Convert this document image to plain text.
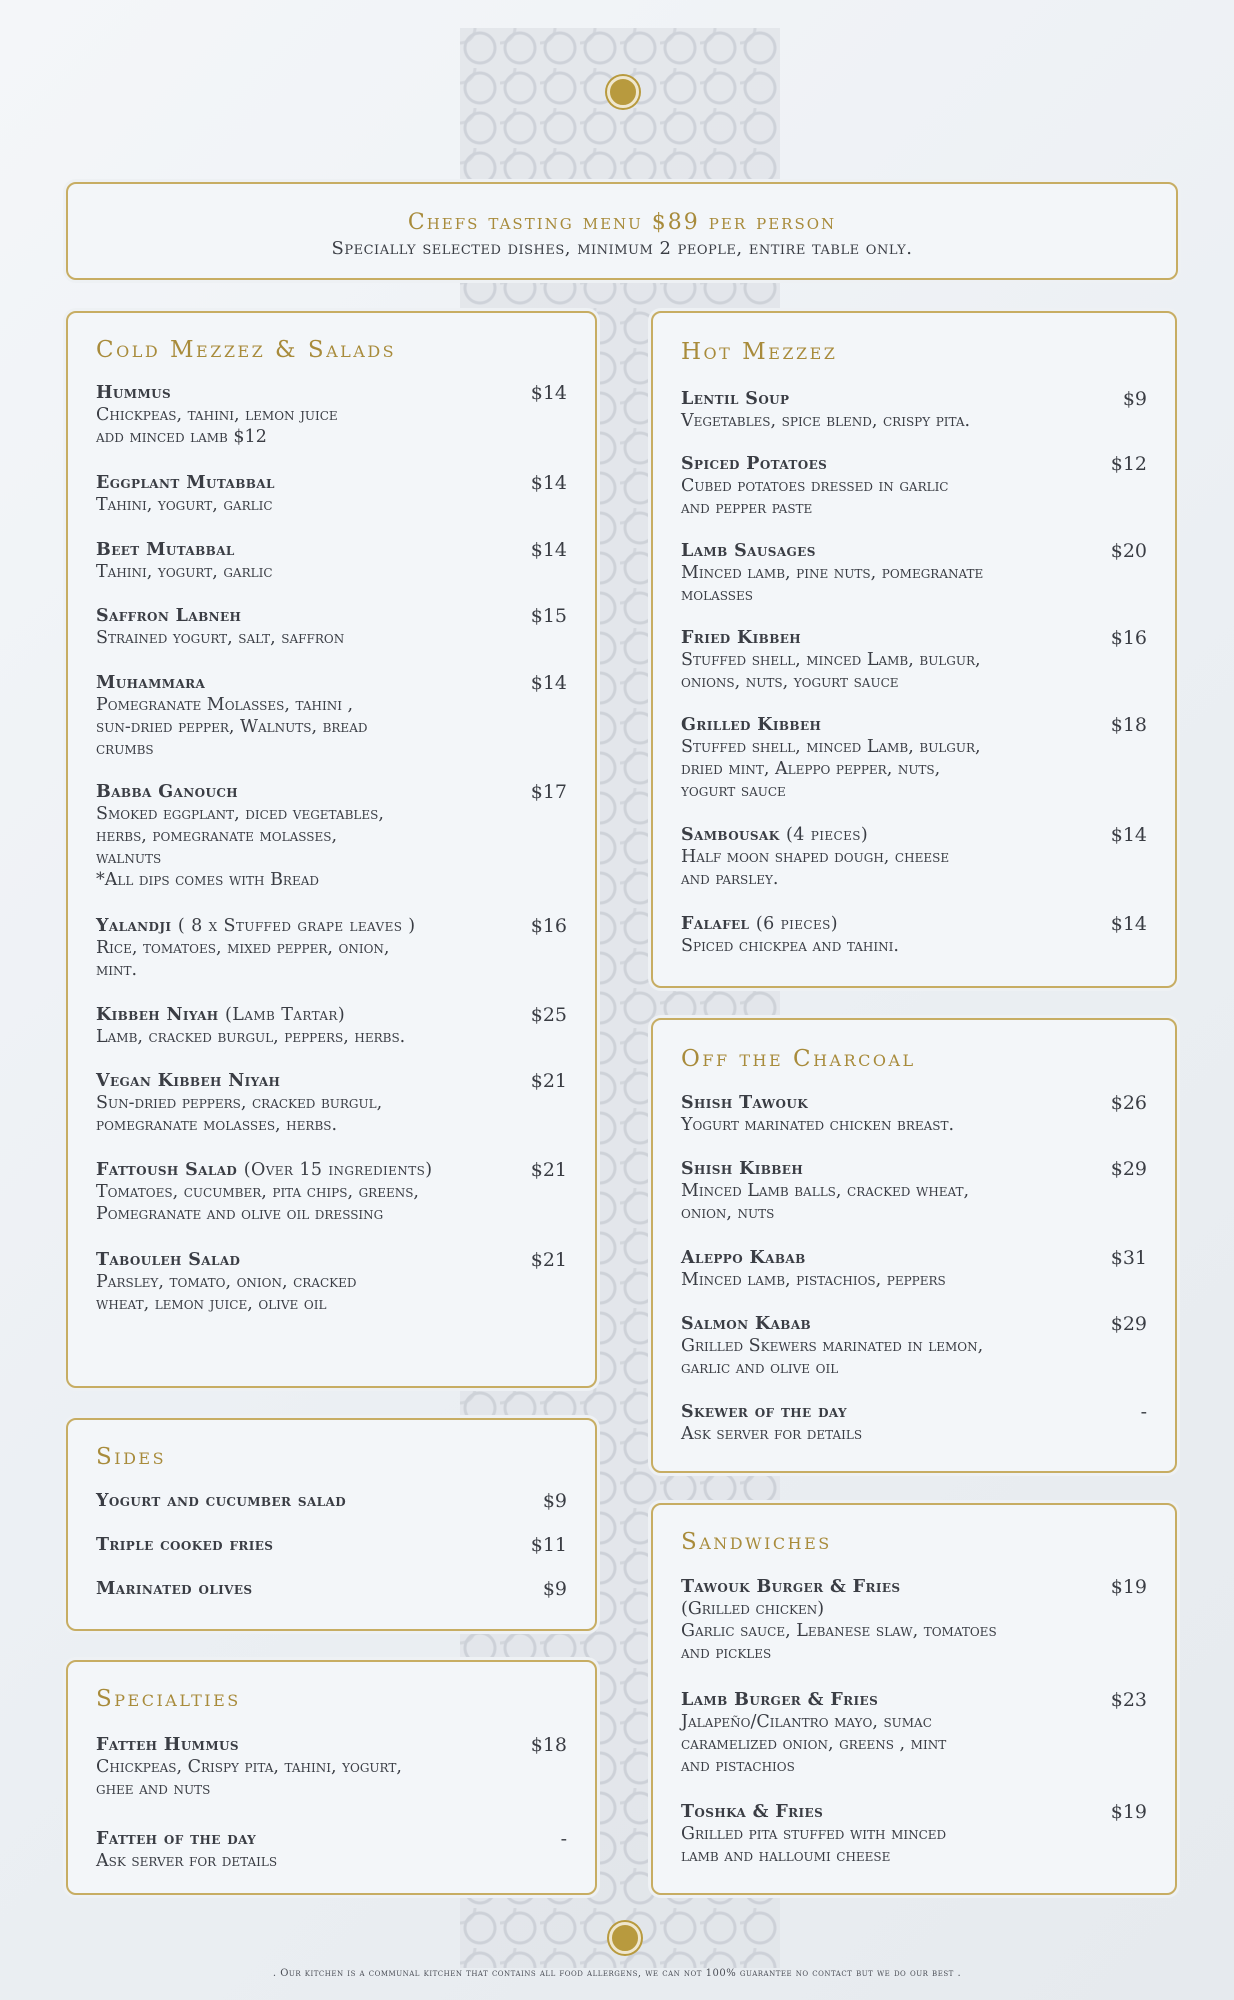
Chefs tasting menu $89 per person
Specially selected dishes, minimum 2 people, entire table only.
Cold Mezzez & Salads
Hummus
Chickpeas, tahini, lemon juice
add minced lamb $12
$14
Eggplant Mutabbal
Tahini, yogurt, garlic
$14
Beet Mutabbal
Tahini, yogurt, garlic
$14
Saffron Labneh
Strained yogurt, salt, saffron
$15
Muhammara
Pomegranate Molasses, tahini ,
sun-dried pepper, Walnuts, bread
crumbs
$14
Babba Ganouch
Smoked eggplant, diced vegetables,
herbs, pomegranate molasses,
walnuts
*All dips comes with Bread
$17
Yalandji ( 8 x Stuffed grape leaves )
Rice, tomatoes, mixed pepper, onion,
mint.
$16
Kibbeh Niyah (Lamb Tartar)
Lamb, cracked burgul, peppers, herbs.
$25
Vegan Kibbeh Niyah
Sun-dried peppers, cracked burgul,
pomegranate molasses, herbs.
$21
Fattoush Salad (Over 15 ingredients)
Tomatoes, cucumber, pita chips, greens,
Pomegranate and olive oil dressing
$21
Tabouleh Salad
Parsley, tomato, onion, cracked
wheat, lemon juice, olive oil
$21
Sides
Yogurt and cucumber salad	$9
Triple cooked fries	$11
Marinated olives	$9
Specialties
Fatteh Hummus
Chickpeas, Crispy pita, tahini, yogurt,
ghee and nuts
$18
Fatteh of the day
Ask server for details
-
Hot Mezzez
Lentil Soup
Vegetables, spice blend, crispy pita.
$9
Spiced Potatoes
Cubed potatoes dressed in garlic
and pepper paste
$12
Lamb Sausages
Minced lamb, pine nuts, pomegranate
molasses
$20
Fried Kibbeh
Stuffed shell, minced Lamb, bulgur,
onions, nuts, yogurt sauce
$16
Grilled Kibbeh
Stuffed shell, minced Lamb, bulgur,
dried mint, Aleppo pepper, nuts,
yogurt sauce
$18
Sambousak (4 pieces)
Half moon shaped dough, cheese
and parsley.
$14
Falafel (6 pieces)
Spiced chickpea and tahini.
$14
Off the Charcoal
Shish Tawouk
Yogurt marinated chicken breast.
$26
Shish Kibbeh
Minced Lamb balls, cracked wheat,
onion, nuts
$29
Aleppo Kabab
Minced lamb, pistachios, peppers
$31
Salmon Kabab
Grilled Skewers marinated in lemon,
garlic and olive oil
$29
Skewer of the day
Ask server for details
-
Sandwiches
Tawouk Burger & Fries
(Grilled chicken)
Garlic sauce, Lebanese slaw, tomatoes
and pickles
$19
Lamb Burger & Fries
Jalapeño/Cilantro mayo, sumac
caramelized onion, greens , mint
and pistachios
$23
Toshka & Fries
Grilled pita stuffed with minced
lamb and halloumi cheese
$19
. Our kitchen is a communal kitchen that contains all food allergens, we can not 100% guarantee no contact but we do our best .
